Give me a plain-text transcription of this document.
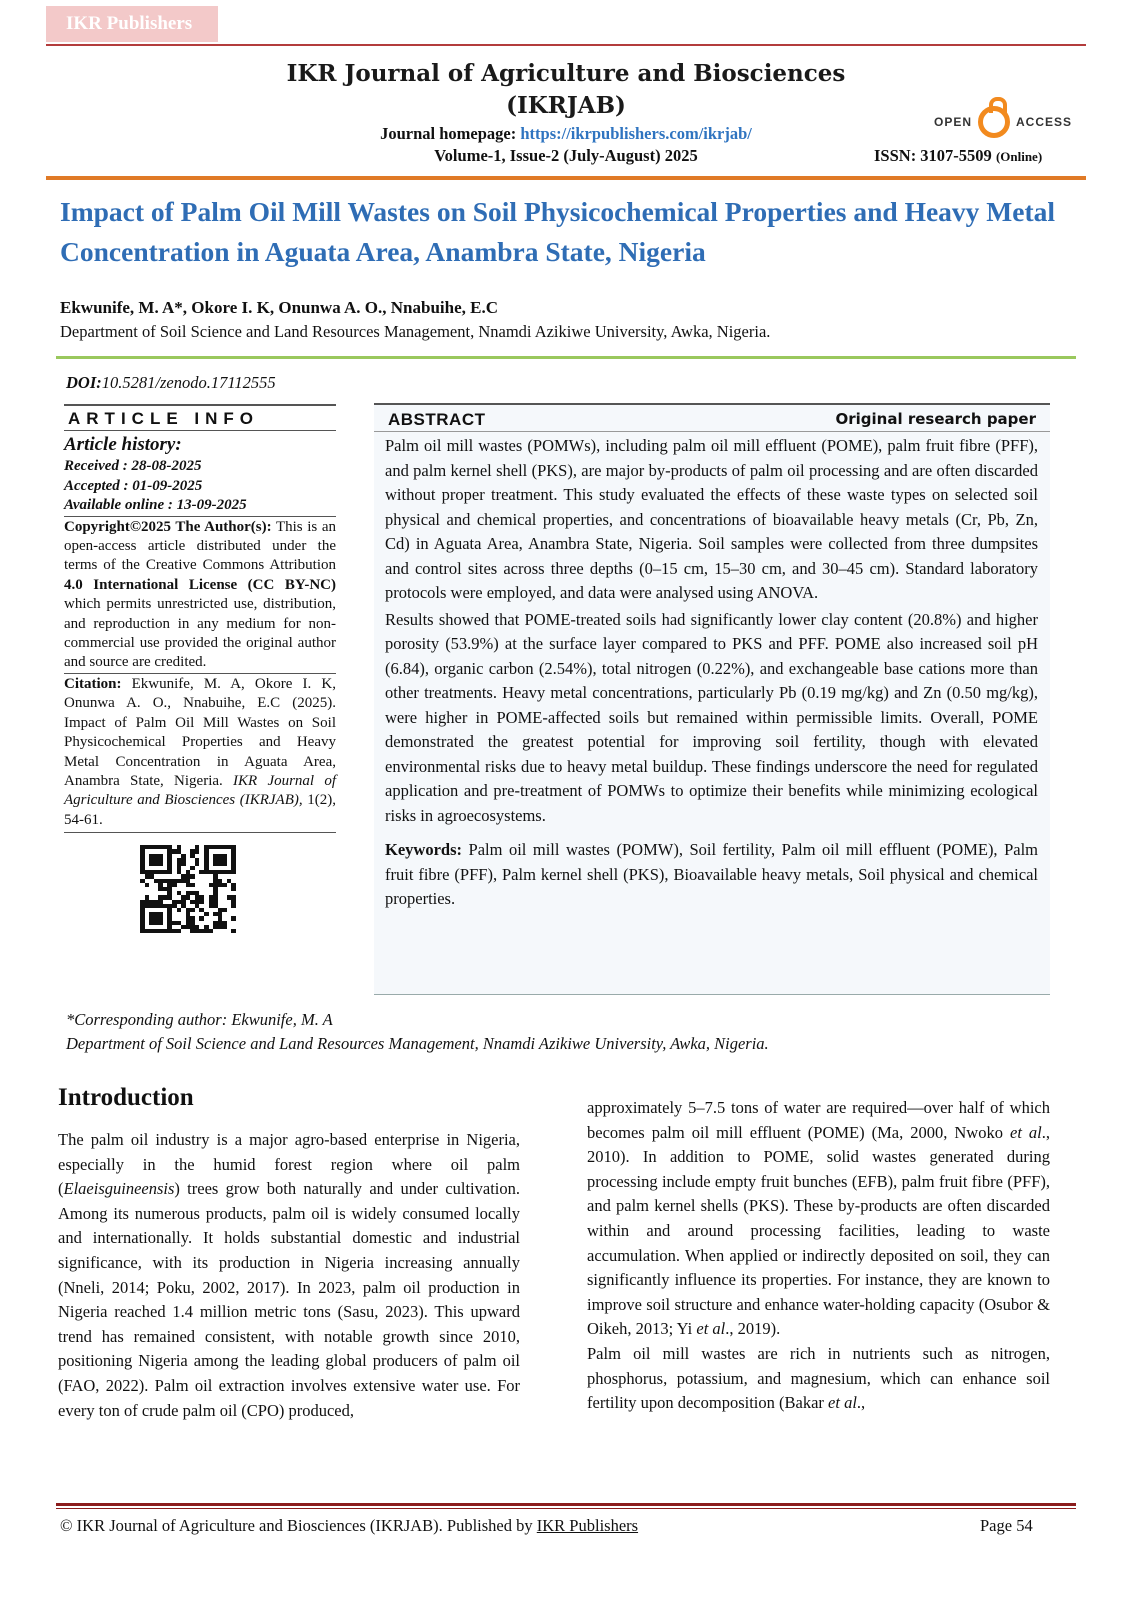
IKR Publishers
IKR Journal of Agriculture and Biosciences (IKRJAB)
Journal homepage: https://ikrpublishers.com/ikrjab/
Volume-1, Issue-2 (July-August) 2025
OPEN	ACCESS
ISSN: 3107-5509 (Online)
Impact of Palm Oil Mill Wastes on Soil Physicochemical Properties and Heavy Metal Concentration in Aguata Area, Anambra State, Nigeria
Ekwunife, M. A*, Okore I. K, Onunwa A. O., Nnabuihe, E.C
Department of Soil Science and Land Resources Management, Nnamdi Azikiwe University, Awka, Nigeria.
DOI:10.5281/zenodo.17112555
ARTICLE INFO
Article history:
Received : 28-08-2025
Accepted : 01-09-2025
Available online : 13-09-2025
Copyright©2025 The Author(s): This is an open-access article distributed under the terms of the Creative Commons Attribution 4.0 International License (CC BY-NC) which permits unrestricted use, distribution, and reproduction in any medium for non-commercial use provided the original author and source are credited.
Citation: Ekwunife, M. A, Okore I. K, Onunwa A. O., Nnabuihe, E.C (2025). Impact of Palm Oil Mill Wastes on Soil Physicochemical Properties and Heavy Metal Concentration in Aguata Area, Anambra State, Nigeria. IKR Journal of Agriculture and Biosciences (IKRJAB), 1(2), 54-61.
ABSTRACT	Original research paper
Palm oil mill wastes (POMWs), including palm oil mill effluent (POME), palm fruit fibre (PFF), and palm kernel shell (PKS), are major by-products of palm oil processing and are often discarded without proper treatment. This study evaluated the effects of these waste types on selected soil physical and chemical properties, and concentrations of bioavailable heavy metals (Cr, Pb, Zn, Cd) in Aguata Area, Anambra State, Nigeria. Soil samples were collected from three dumpsites and control sites across three depths (0–15 cm, 15–30 cm, and 30–45 cm). Standard laboratory protocols were employed, and data were analysed using ANOVA.
Results showed that POME-treated soils had significantly lower clay content (20.8%) and higher porosity (53.9%) at the surface layer compared to PKS and PFF. POME also increased soil pH (6.84), organic carbon (2.54%), total nitrogen (0.22%), and exchangeable base cations more than other treatments. Heavy metal concentrations, particularly Pb (0.19 mg/kg) and Zn (0.50 mg/kg), were higher in POME-affected soils but remained within permissible limits. Overall, POME demonstrated the greatest potential for improving soil fertility, though with elevated environmental risks due to heavy metal buildup. These findings underscore the need for regulated application and pre-treatment of POMWs to optimize their benefits while minimizing ecological risks in agroecosystems.
Keywords: Palm oil mill wastes (POMW), Soil fertility, Palm oil mill effluent (POME), Palm fruit fibre (PFF), Palm kernel shell (PKS), Bioavailable heavy metals, Soil physical and chemical properties.
*Corresponding author: Ekwunife, M. A
Department of Soil Science and Land Resources Management, Nnamdi Azikiwe University, Awka, Nigeria.
Introduction
The palm oil industry is a major agro-based enterprise in Nigeria, especially in the humid forest region where oil palm (Elaeisguineensis) trees grow both naturally and under cultivation. Among its numerous products, palm oil is widely consumed locally and internationally. It holds substantial domestic and industrial significance, with its production in Nigeria increasing annually (Nneli, 2014; Poku, 2002, 2017). In 2023, palm oil production in Nigeria reached 1.4 million metric tons (Sasu, 2023). This upward trend has remained consistent, with notable growth since 2010, positioning Nigeria among the leading global producers of palm oil (FAO, 2022). Palm oil extraction involves extensive water use. For every ton of crude palm oil (CPO) produced,

approximately 5–7.5 tons of water are required—over half of which becomes palm oil mill effluent (POME) (Ma, 2000, Nwoko et al., 2010). In addition to POME, solid wastes generated during processing include empty fruit bunches (EFB), palm fruit fibre (PFF), and palm kernel shells (PKS). These by-products are often discarded within and around processing facilities, leading to waste accumulation. When applied or indirectly deposited on soil, they can significantly influence its properties. For instance, they are known to improve soil structure and enhance water-holding capacity (Osubor & Oikeh, 2013; Yi et al., 2019).

Palm oil mill wastes are rich in nutrients such as nitrogen, phosphorus, potassium, and magnesium, which can enhance soil fertility upon decomposition (Bakar et al.,

© IKR Journal of Agriculture and Biosciences (IKRJAB). Published by IKR Publishers	Page 54
